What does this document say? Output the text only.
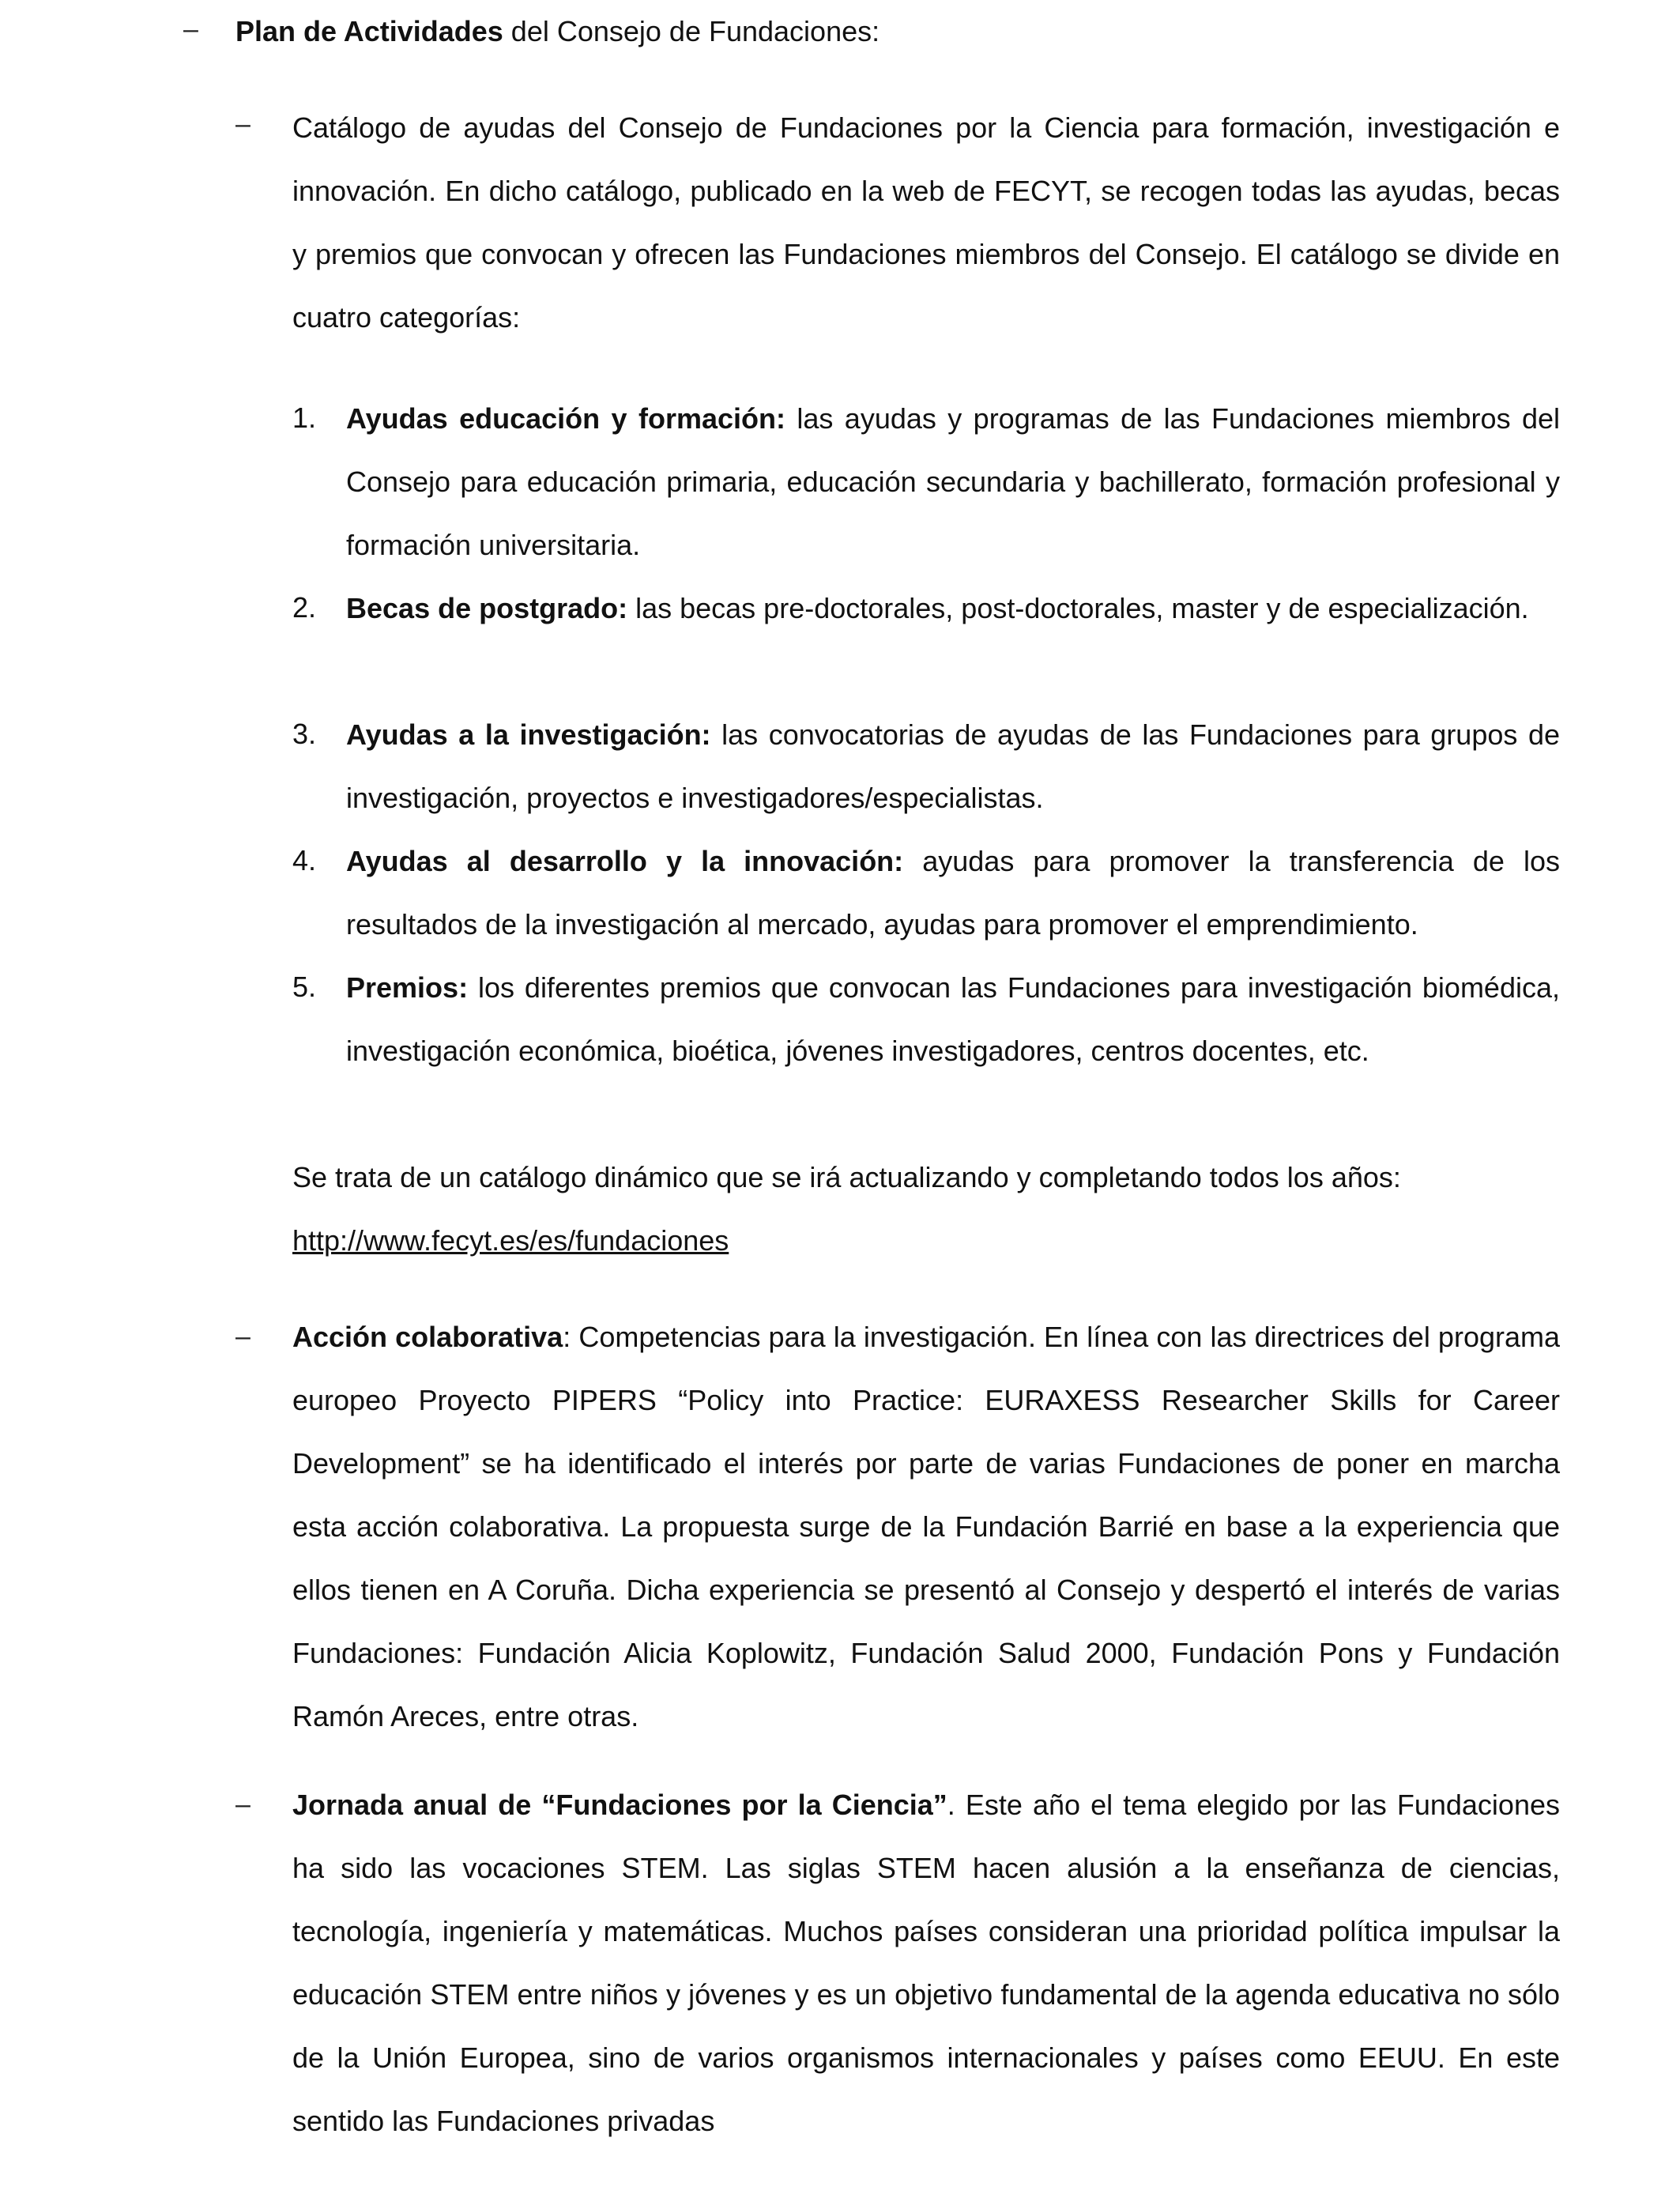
– Plan de Actividades del Consejo de Fundaciones:

– Catálogo de ayudas del Consejo de Fundaciones por la Ciencia para formación, investigación e innovación. En dicho catálogo, publicado en la web de FECYT, se recogen todas las ayudas, becas y premios que convocan y ofrecen las Fundaciones miembros del Consejo. El catálogo se divide en cuatro categorías:

1. Ayudas educación y formación: las ayudas y programas de las Fundaciones miembros del Consejo para educación primaria, educación secundaria y bachillerato, formación profesional y formación universitaria.

2. Becas de postgrado: las becas pre-doctorales, post-doctorales, master y de especialización.

3. Ayudas a la investigación: las convocatorias de ayudas de las Fundaciones para grupos de investigación, proyectos e investigadores/especialistas.

4. Ayudas al desarrollo y la innovación: ayudas para promover la transferencia de los resultados de la investigación al mercado, ayudas para promover el emprendimiento.

5. Premios: los diferentes premios que convocan las Fundaciones para investigación biomédica, investigación económica, bioética, jóvenes investigadores, centros docentes, etc.

Se trata de un catálogo dinámico que se irá actualizando y completando todos los años:
http://www.fecyt.es/es/fundaciones

– Acción colaborativa: Competencias para la investigación. En línea con las directrices del programa europeo Proyecto PIPERS “Policy into Practice: EURAXESS Researcher Skills for Career Development” se ha identificado el interés por parte de varias Fundaciones de poner en marcha esta acción colaborativa. La propuesta surge de la Fundación Barrié en base a la experiencia que ellos tienen en A Coruña. Dicha experiencia se presentó al Consejo y despertó el interés de varias Fundaciones: Fundación Alicia Koplowitz, Fundación Salud 2000, Fundación Pons y Fundación Ramón Areces, entre otras.

– Jornada anual de “Fundaciones por la Ciencia”. Este año el tema elegido por las Fundaciones ha sido las vocaciones STEM. Las siglas STEM hacen alusión a la enseñanza de ciencias, tecnología, ingeniería y matemáticas. Muchos países consideran una prioridad política impulsar la educación STEM entre niños y jóvenes y es un objetivo fundamental de la agenda educativa no sólo de la Unión Europea, sino de varios organismos internacionales y países como EEUU. En este sentido las Fundaciones privadas
